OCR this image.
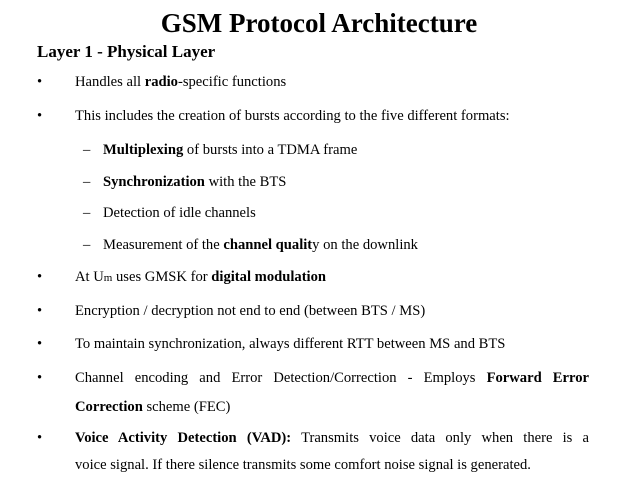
GSM Protocol Architecture
Layer 1 - Physical Layer
•	Handles all radio-specific functions
•	This includes the creation of bursts according to the five different formats:
– Multiplexing of bursts into a TDMA frame
– Synchronization with the BTS
– Detection of idle channels
– Measurement of the channel quality on the downlink
•	At Um uses GMSK for digital modulation
•	Encryption / decryption not end to end (between BTS / MS)
•	To maintain synchronization, always different RTT between MS and BTS
•	Channel encoding and Error Detection/Correction - Employs Forward Error
Correction scheme (FEC)
•	Voice Activity Detection (VAD): Transmits voice data only when there is a
voice signal. If there silence transmits some comfort noise signal is generated.
